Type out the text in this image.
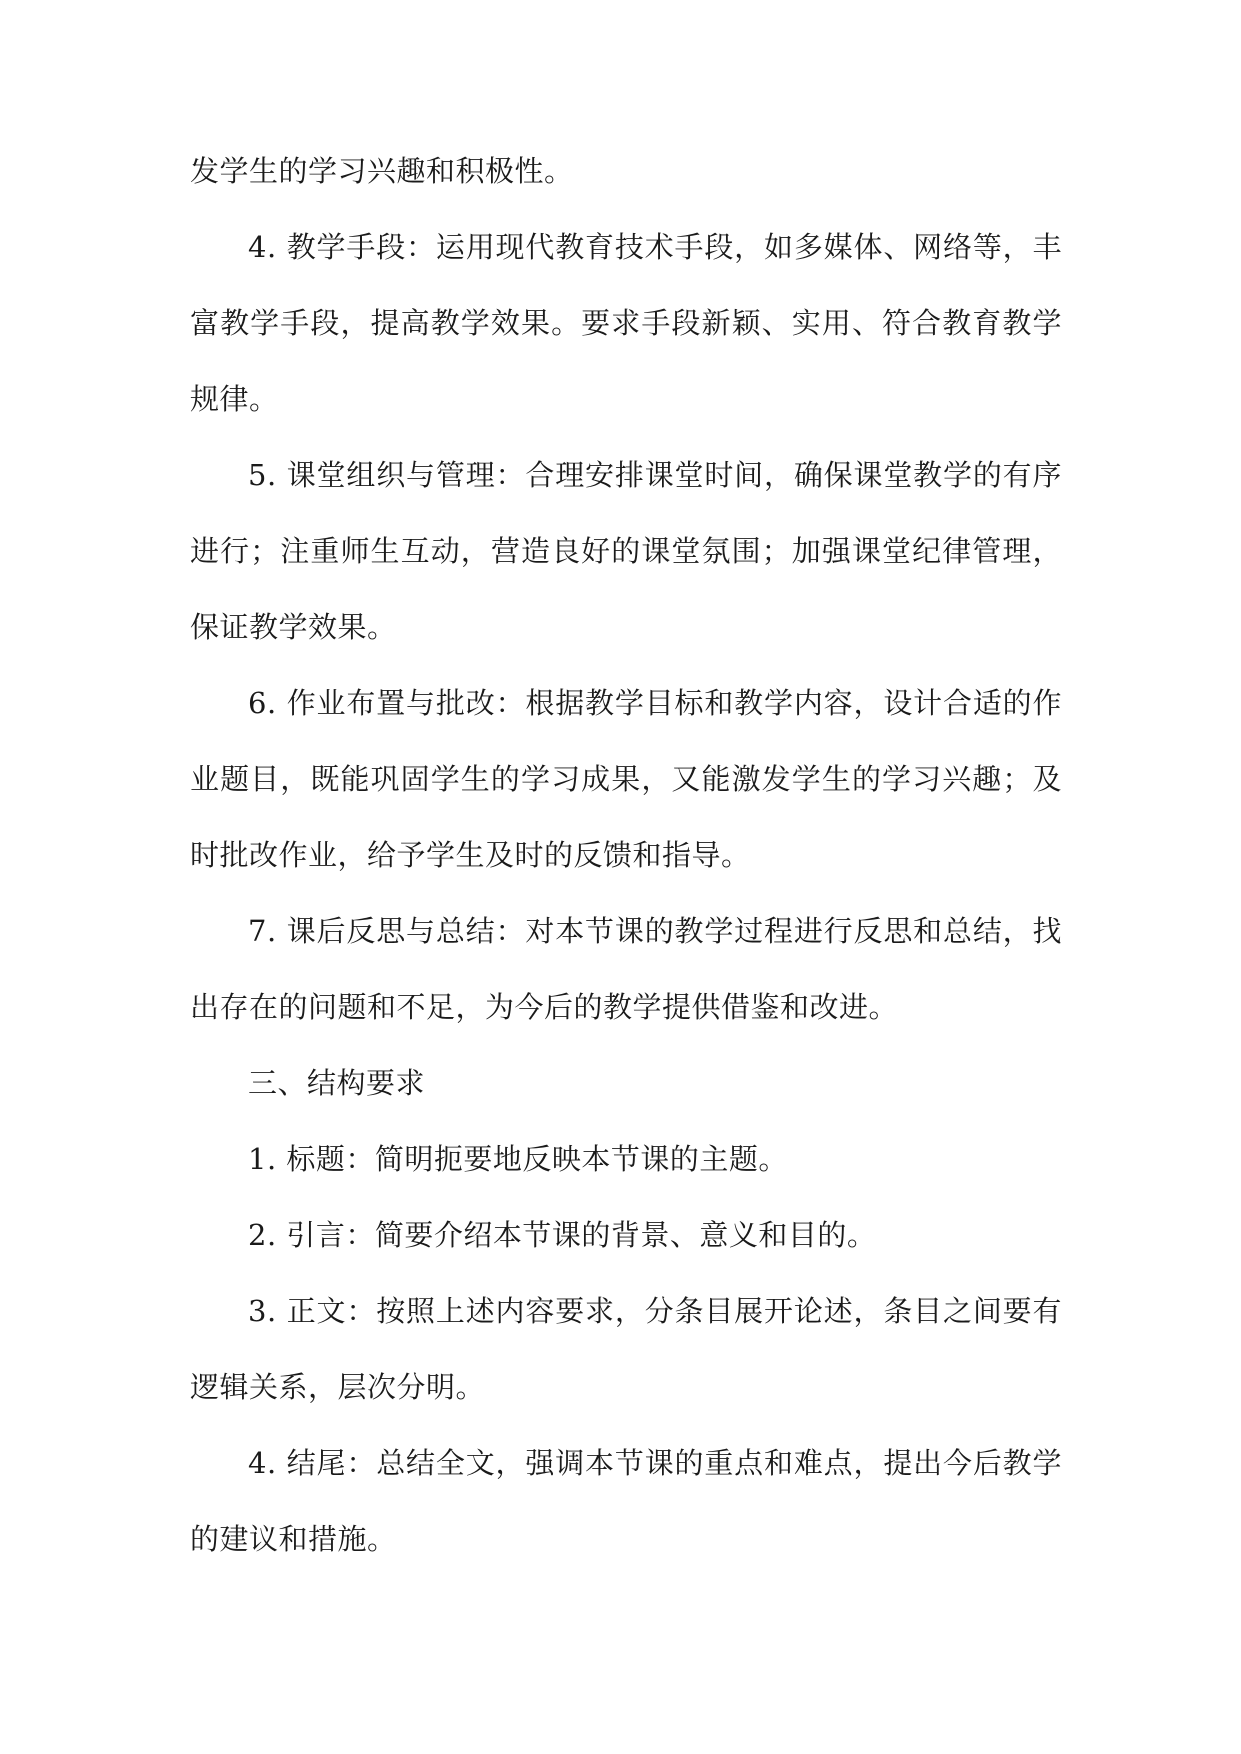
发学生的学习兴趣和积极性。

4. 教学手段：运用现代教育技术手段，如多媒体、网络等，丰富教学手段，提高教学效果。要求手段新颖、实用、符合教育教学规律。

5. 课堂组织与管理：合理安排课堂时间，确保课堂教学的有序进行；注重师生互动，营造良好的课堂氛围；加强课堂纪律管理，保证教学效果。

6. 作业布置与批改：根据教学目标和教学内容，设计合适的作业题目，既能巩固学生的学习成果，又能激发学生的学习兴趣；及时批改作业，给予学生及时的反馈和指导。

7. 课后反思与总结：对本节课的教学过程进行反思和总结，找出存在的问题和不足，为今后的教学提供借鉴和改进。

三、结构要求

1. 标题：简明扼要地反映本节课的主题。

2. 引言：简要介绍本节课的背景、意义和目的。

3. 正文：按照上述内容要求，分条目展开论述，条目之间要有逻辑关系，层次分明。

4. 结尾：总结全文，强调本节课的重点和难点，提出今后教学的建议和措施。
